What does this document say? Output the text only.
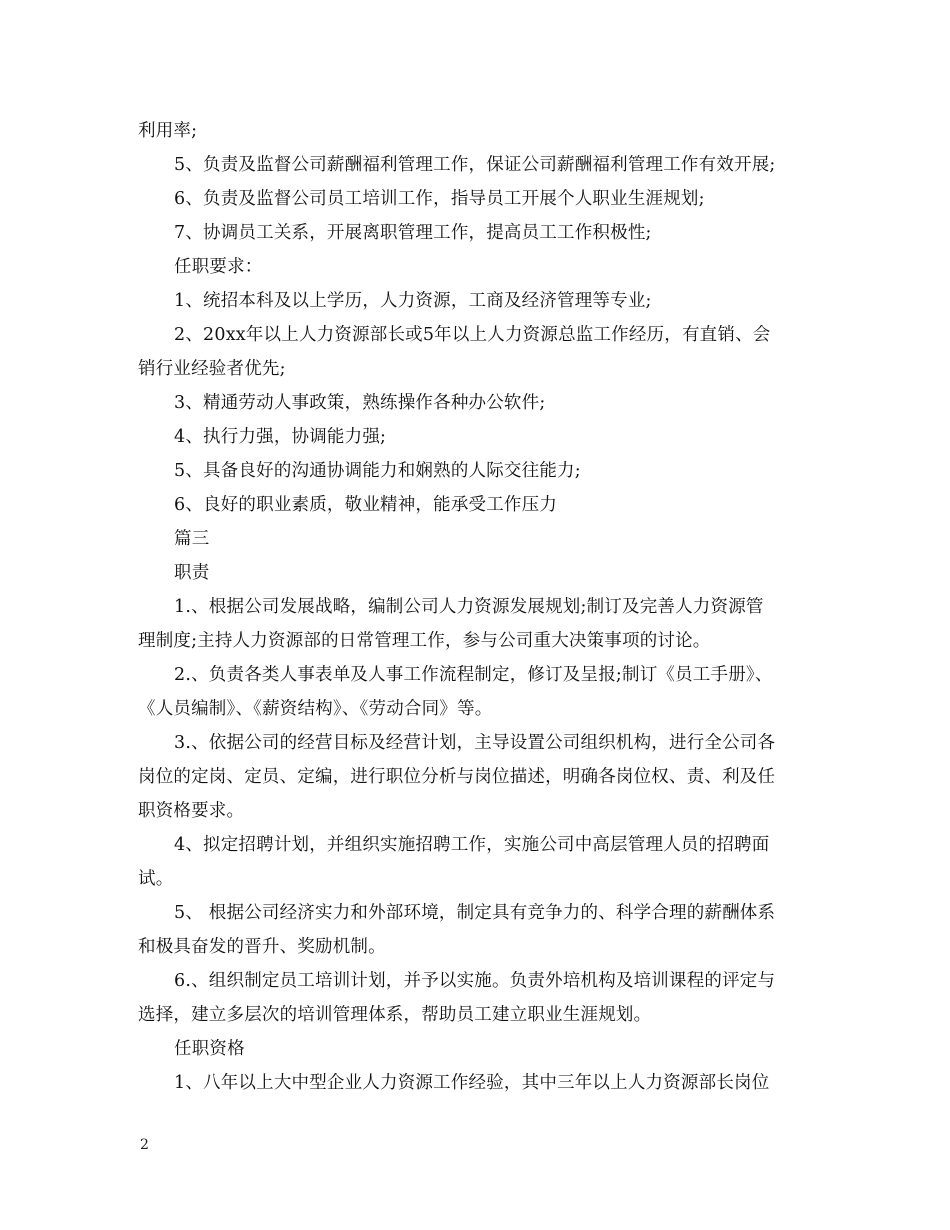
利用率;
5、负责及监督公司薪酬福利管理工作，保证公司薪酬福利管理工作有效开展;
6、负责及监督公司员工培训工作，指导员工开展个人职业生涯规划;
7、协调员工关系，开展离职管理工作，提高员工工作积极性;
任职要求：
1、统招本科及以上学历，人力资源，工商及经济管理等专业;
2、20xx年以上人力资源部长或5年以上人力资源总监工作经历，有直销、会
销行业经验者优先;
3、精通劳动人事政策，熟练操作各种办公软件;
4、执行力强，协调能力强;
5、具备良好的沟通协调能力和娴熟的人际交往能力;
6、良好的职业素质，敬业精神，能承受工作压力
篇三
职责
1.、根据公司发展战略，编制公司人力资源发展规划;制订及完善人力资源管
理制度;主持人力资源部的日常管理工作，参与公司重大决策事项的讨论。
2.、负责各类人事表单及人事工作流程制定，修订及呈报;制订《员工手册》、
《人员编制》、《薪资结构》、《劳动合同》等。
3.、依据公司的经营目标及经营计划，主导设置公司组织机构，进行全公司各
岗位的定岗、定员、定编，进行职位分析与岗位描述，明确各岗位权、责、利及任
职资格要求。
4、拟定招聘计划，并组织实施招聘工作，实施公司中高层管理人员的招聘面
试。
5、 根据公司经济实力和外部环境，制定具有竞争力的、科学合理的薪酬体系
和极具奋发的晋升、奖励机制。
6.、组织制定员工培训计划，并予以实施。负责外培机构及培训课程的评定与
选择，建立多层次的培训管理体系，帮助员工建立职业生涯规划。
任职资格
1、八年以上大中型企业人力资源工作经验，其中三年以上人力资源部长岗位
2
